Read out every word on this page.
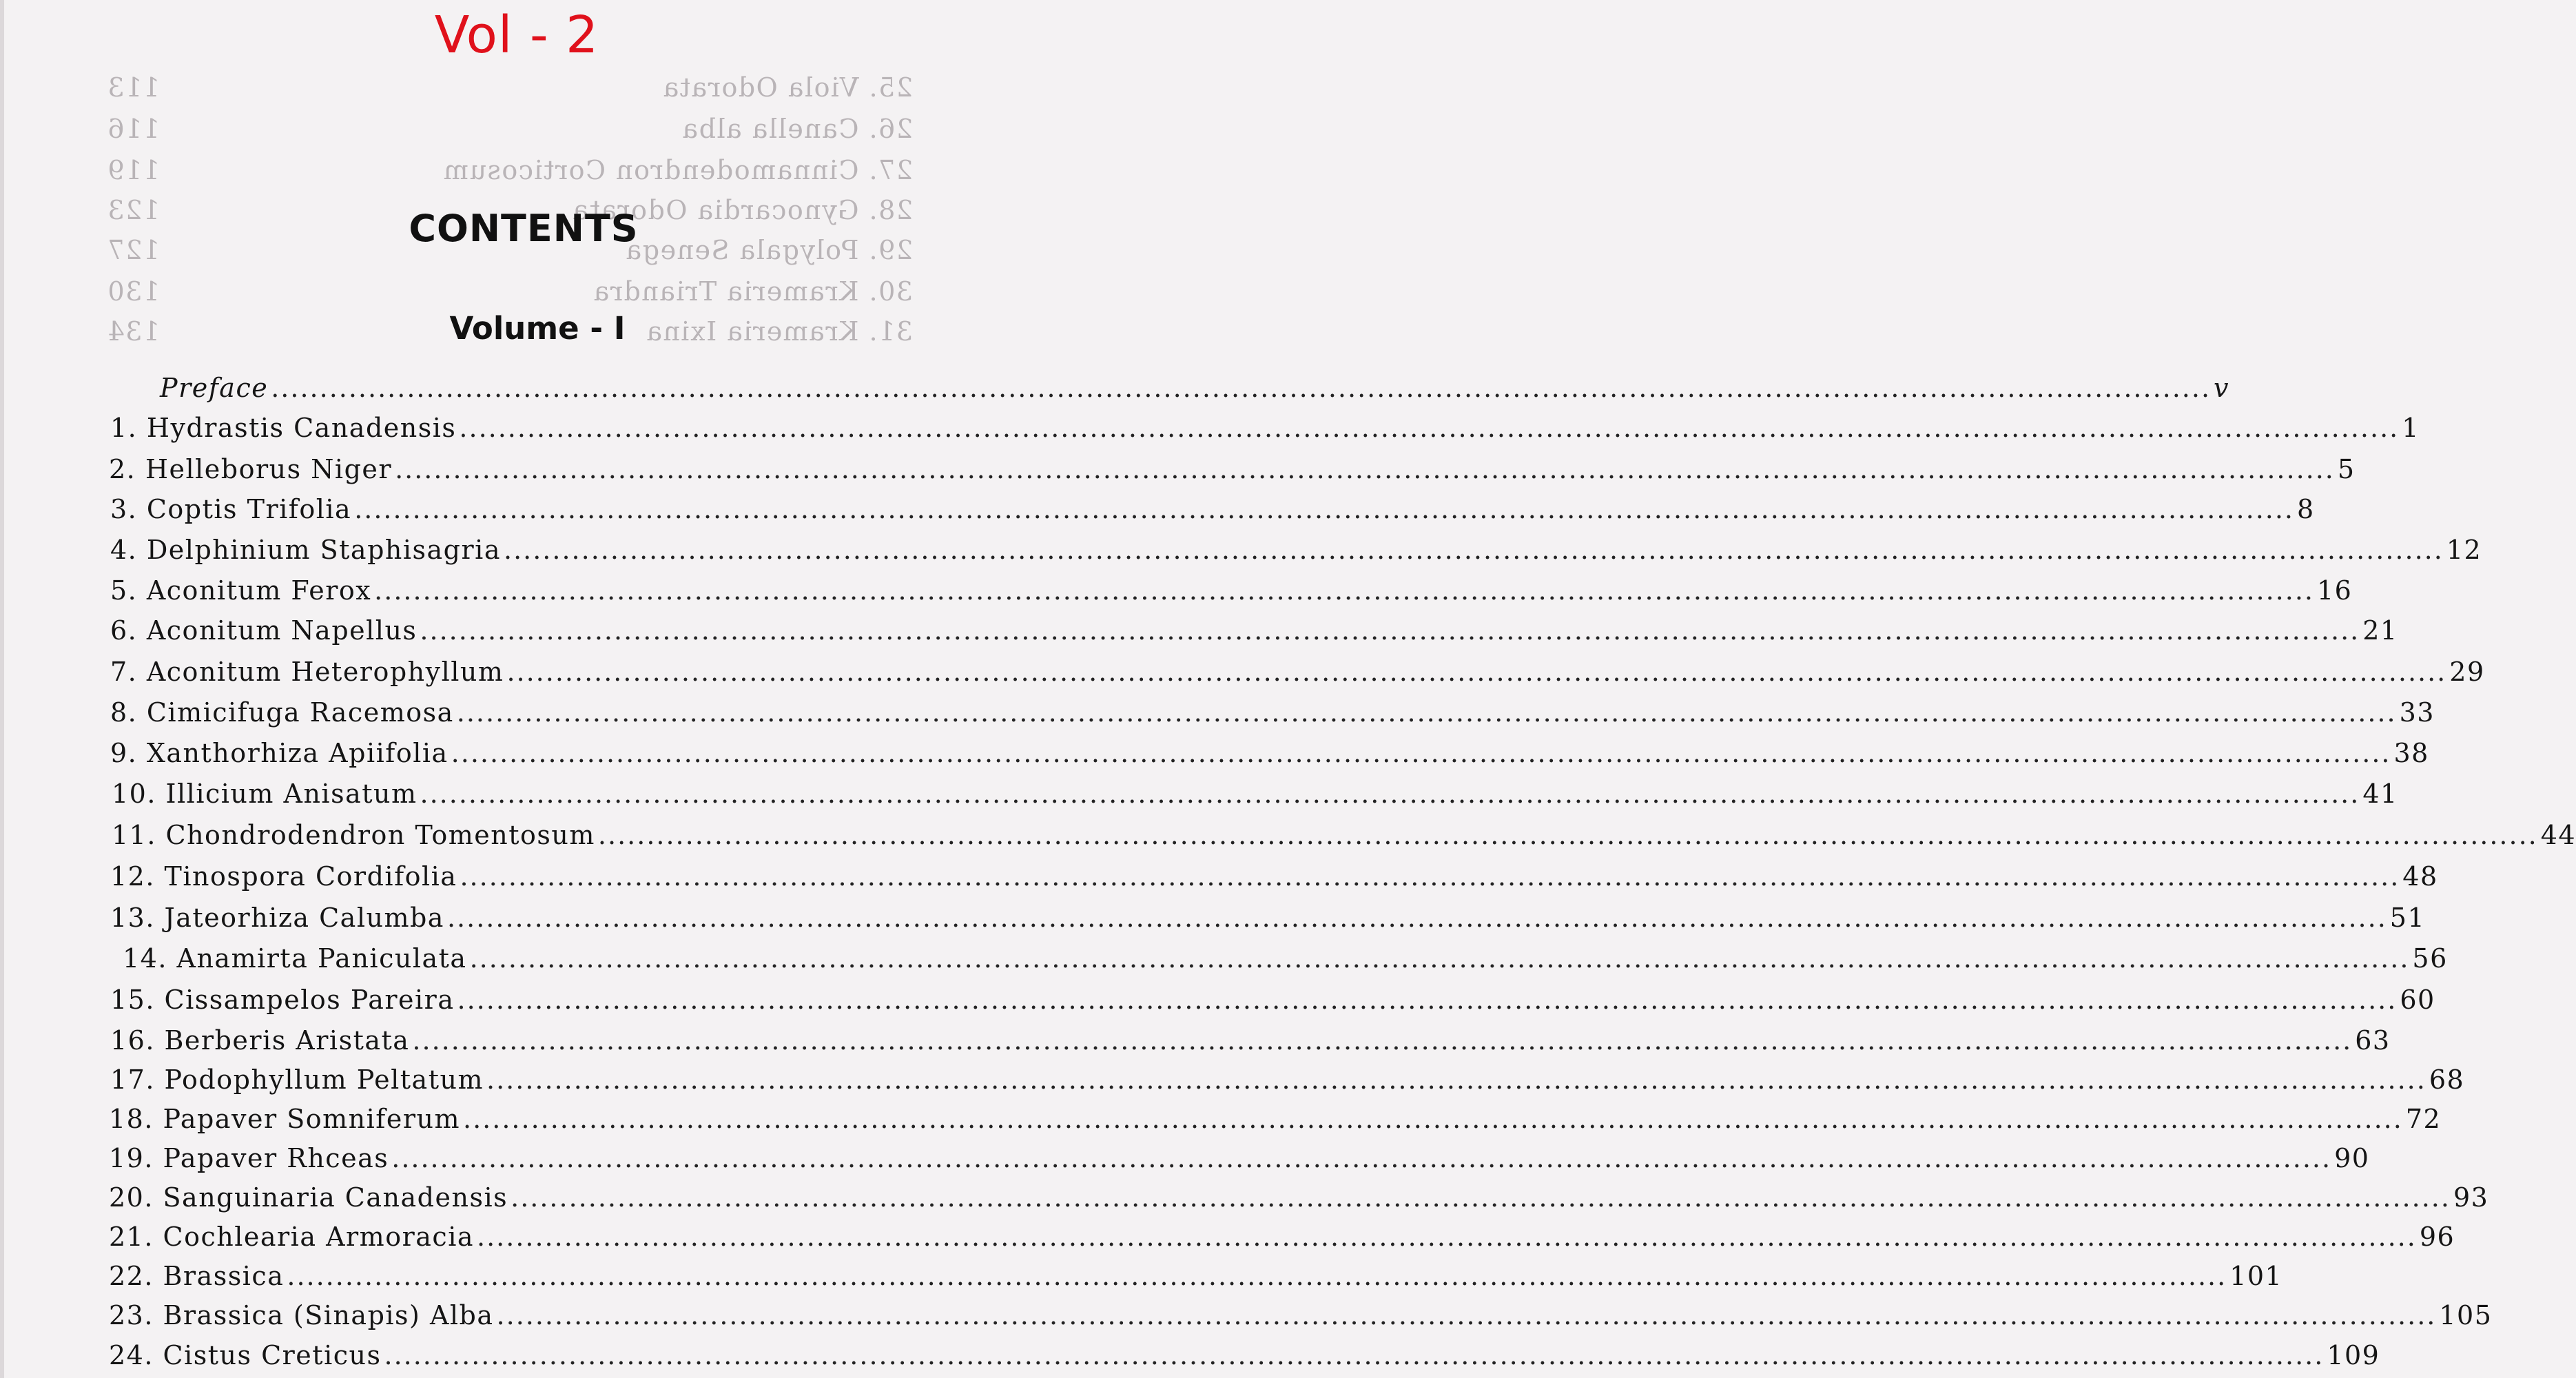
25. Viola Odorata
113
26. Canella alba
116
27. Cinnamodendron Corticosum
119
28. Gynocardia Odorata
123
29. Polygala Senega
127
30. Krameria Triandra
130
31. Krameria Ixina
134
Vol - 2
CONTENTS
Volume - I
Preface ........................................................................................................................................................................................................ v
1. Hydrastis Canadensis ........................................................................................................................................................................................................ 1
2. Helleborus Niger ........................................................................................................................................................................................................ 5
3. Coptis Trifolia ........................................................................................................................................................................................................ 8
4. Delphinium Staphisagria ........................................................................................................................................................................................................ 12
5. Aconitum Ferox ........................................................................................................................................................................................................ 16
6. Aconitum Napellus ........................................................................................................................................................................................................ 21
7. Aconitum Heterophyllum ........................................................................................................................................................................................................ 29
8. Cimicifuga Racemosa ........................................................................................................................................................................................................ 33
9. Xanthorhiza Apiifolia ........................................................................................................................................................................................................ 38
10. Illicium Anisatum ........................................................................................................................................................................................................ 41
11. Chondrodendron Tomentosum ........................................................................................................................................................................................................ 44
12. Tinospora Cordifolia ........................................................................................................................................................................................................ 48
13. Jateorhiza Calumba ........................................................................................................................................................................................................ 51
14. Anamirta Paniculata ........................................................................................................................................................................................................ 56
15. Cissampelos Pareira ........................................................................................................................................................................................................ 60
16. Berberis Aristata ........................................................................................................................................................................................................ 63
17. Podophyllum Peltatum ........................................................................................................................................................................................................ 68
18. Papaver Somniferum ........................................................................................................................................................................................................ 72
19. Papaver Rhceas ........................................................................................................................................................................................................ 90
20. Sanguinaria Canadensis ........................................................................................................................................................................................................ 93
21. Cochlearia Armoracia ........................................................................................................................................................................................................ 96
22. Brassica ........................................................................................................................................................................................................ 101
23. Brassica (Sinapis) Alba ........................................................................................................................................................................................................ 105
24. Cistus Creticus ........................................................................................................................................................................................................ 109
